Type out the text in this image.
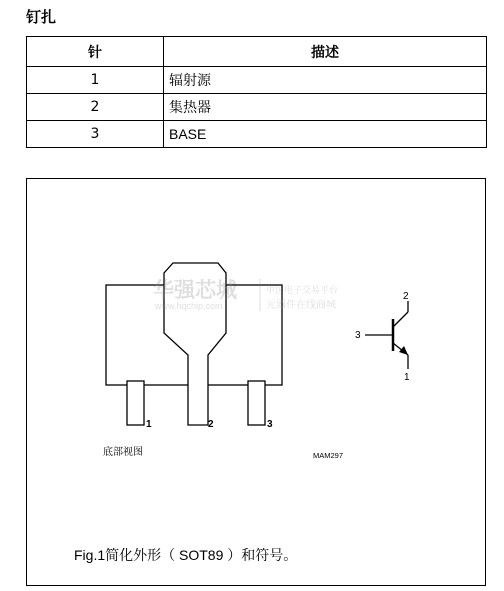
钉扎
针	描述
1	辐射源
2	集热器
3	BASE
华强芯城
www.hqchip.com
中国电子交易平台
元器件在线商城
1	2	3
底部视图	MAM297
2
3
1
Fig.1简化外形（ SOT89 ）和符号。
